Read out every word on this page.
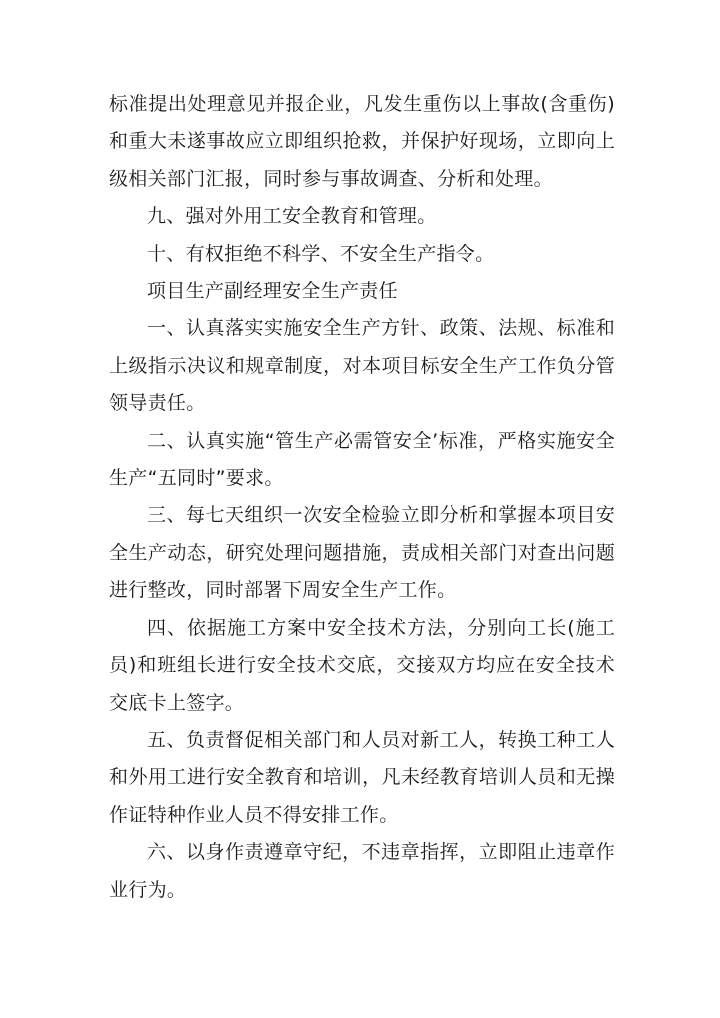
标准提出处理意见并报企业，凡发生重伤以上事故(含重伤)和重大未遂事故应立即组织抢救，并保护好现场，立即向上级相关部门汇报，同时参与事故调查、分析和处理。

九、强对外用工安全教育和管理。

十、有权拒绝不科学、不安全生产指令。

项目生产副经理安全生产责任

一、认真落实实施安全生产方针、政策、法规、标准和上级指示决议和规章制度，对本项目标安全生产工作负分管领导责任。

二、认真实施“管生产必需管安全’标准，严格实施安全生产“五同时”要求。

三、每七天组织一次安全检验立即分析和掌握本项目安全生产动态，研究处理问题措施，责成相关部门对查出问题进行整改，同时部署下周安全生产工作。

四、依据施工方案中安全技术方法，分别向工长(施工员)和班组长进行安全技术交底，交接双方均应在安全技术交底卡上签字。

五、负责督促相关部门和人员对新工人，转换工种工人和外用工进行安全教育和培训，凡未经教育培训人员和无操作证特种作业人员不得安排工作。

六、以身作责遵章守纪，不违章指挥，立即阻止违章作业行为。
